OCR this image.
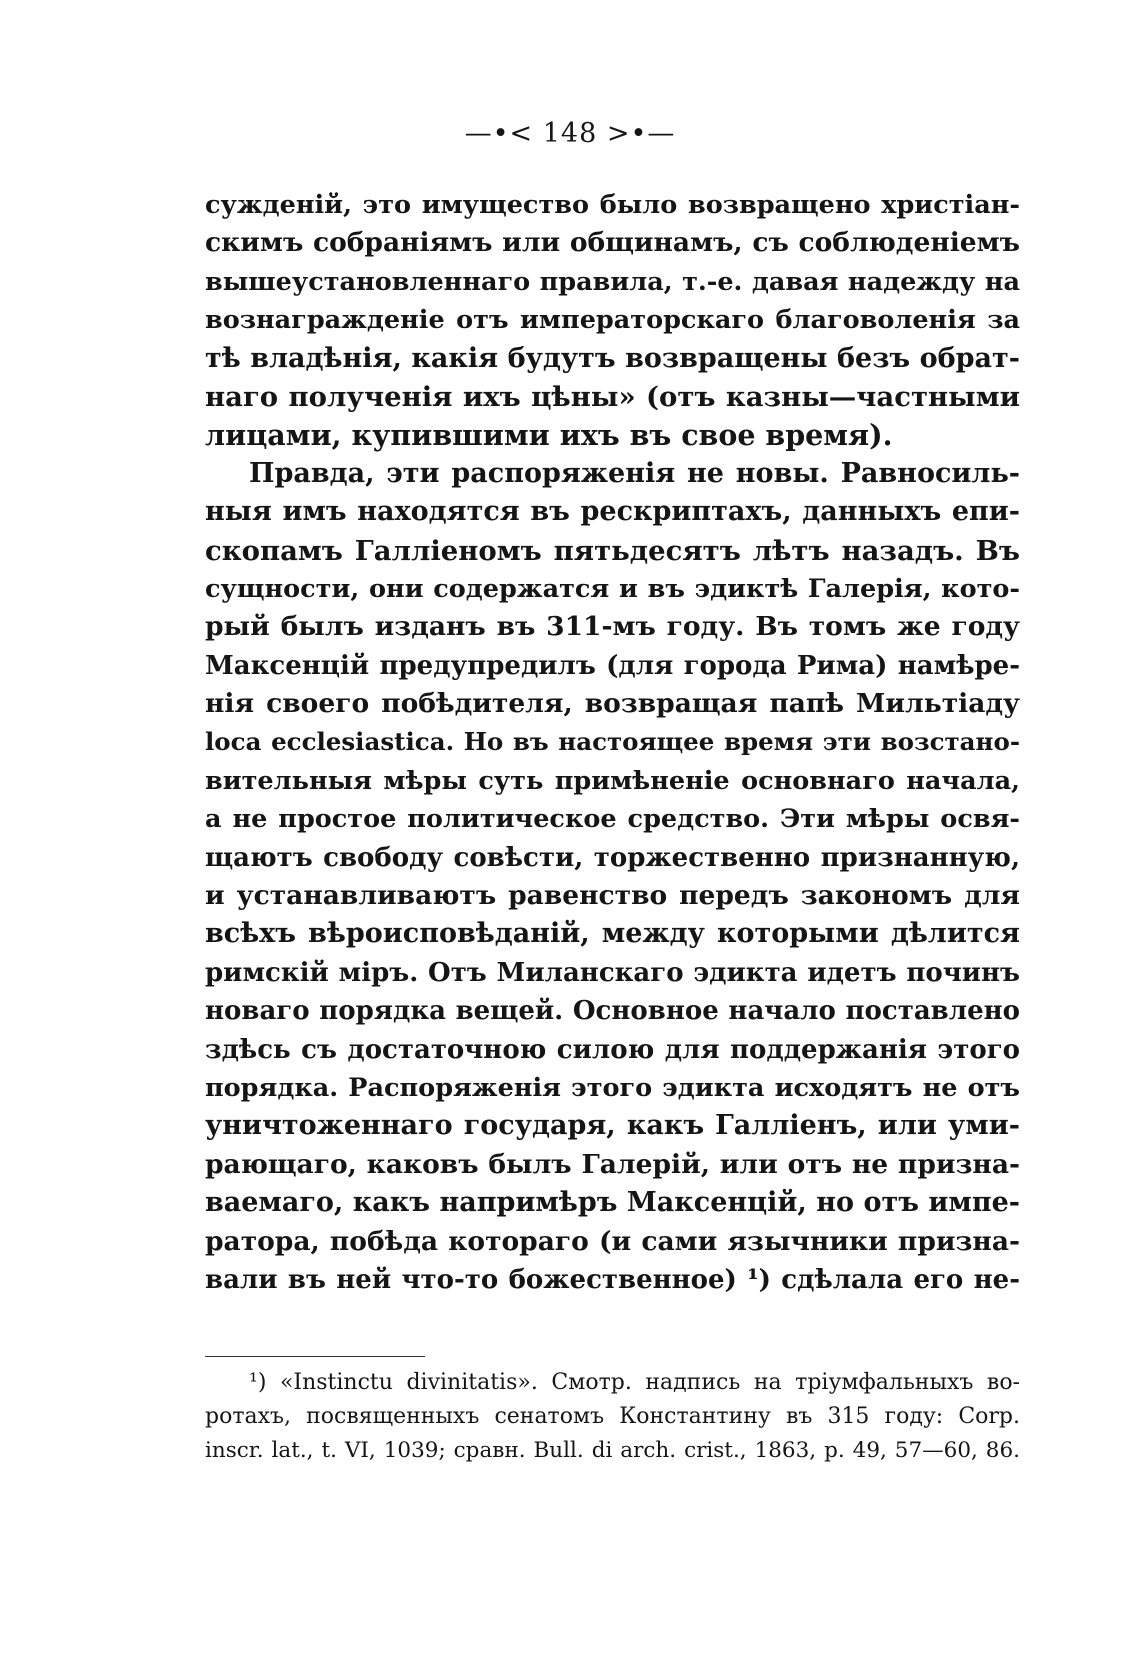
—•< 148 >•—
сужденій, это имущество было возвращено христіан-
скимъ собраніямъ или общинамъ, съ соблюденіемъ
вышеустановленнаго правила, т.-е. давая надежду на
вознагражденіе отъ императорскаго благоволенія за
тѣ владѣнія, какія будутъ возвращены безъ обрат-
наго полученія ихъ цѣны» (отъ казны—частными
лицами, купившими ихъ въ свое время).
Правда, эти распоряженія не новы. Равносиль-
ныя имъ находятся въ рескриптахъ, данныхъ епи-
скопамъ Галліеномъ пятьдесятъ лѣтъ назадъ. Въ
сущности, они содержатся и въ эдиктѣ Галерія, кото-
рый былъ изданъ въ 311-мъ году. Въ томъ же году
Максенцій предупредилъ (для города Рима) намѣре-
нія своего побѣдителя, возвращая папѣ Мильтіаду
loca ecclesiastica. Но въ настоящее время эти возстано-
вительныя мѣры суть примѣненіе основнаго начала,
а не простое политическое средство. Эти мѣры освя-
щаютъ свободу совѣсти, торжественно признанную,
и устанавливаютъ равенство передъ закономъ для
всѣхъ вѣроисповѣданій, между которыми дѣлится
римскій міръ. Отъ Миланскаго эдикта идетъ починъ
новаго порядка вещей. Основное начало поставлено
здѣсь съ достаточною силою для поддержанія этого
порядка. Распоряженія этого эдикта исходятъ не отъ
уничтоженнаго государя, какъ Галліенъ, или уми-
рающаго, каковъ былъ Галерій, или отъ не призна-
ваемаго, какъ напримѣръ Максенцій, но отъ импе-
ратора, побѣда котораго (и сами язычники призна-
вали въ ней что-то божественное) ¹) сдѣлала его не-
¹) «Instinctu divinitatis». Смотр. надпись на тріумфальныхъ во-
ротахъ, посвященныхъ сенатомъ Константину въ 315 году: Corp.
inscr. lat., t. VI, 1039; сравн. Bull. di arch. crist., 1863, p. 49, 57—60, 86.
